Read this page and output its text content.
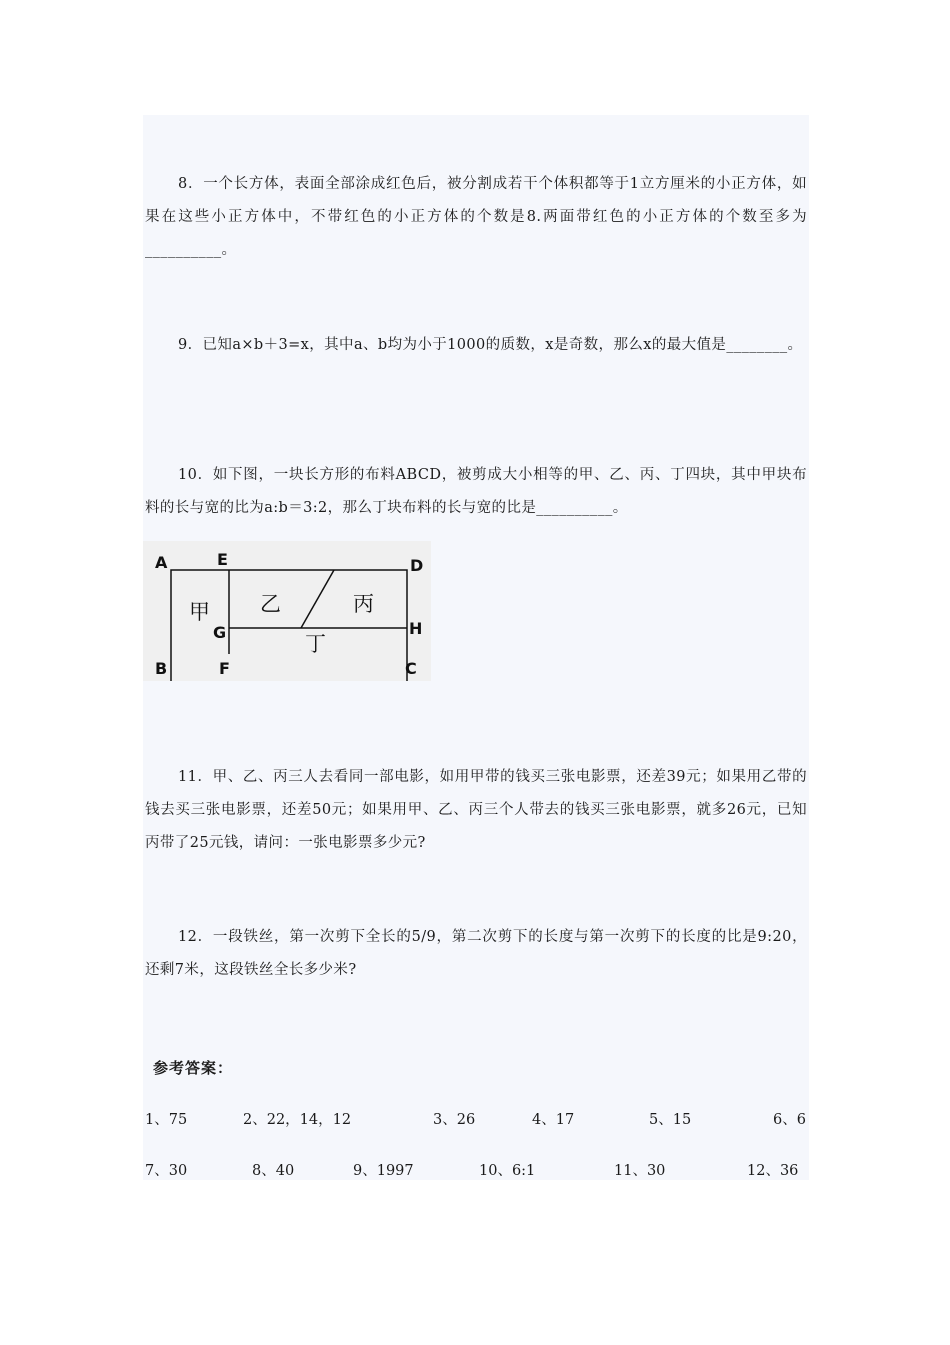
8．一个长方体，表面全部涂成红色后，被分割成若干个体积都等于1立方厘米的小正方体，如果在这些小正方体中，不带红色的小正方体的个数是8.两面带红色的小正方体的个数至多为__________。

9．已知a×b＋3=x，其中a、b均为小于1000的质数，x是奇数，那么x的最大值是________。

10．如下图，一块长方形的布料ABCD，被剪成大小相等的甲、乙、丙、丁四块，其中甲块布料的长与宽的比为a:b＝3:2，那么丁块布料的长与宽的比是__________。

A	E	D
G	H
B	F	C
甲 乙	丙
丁

11．甲、乙、丙三人去看同一部电影，如用甲带的钱买三张电影票，还差39元；如果用乙带的钱去买三张电影票，还差50元；如果用甲、乙、丙三个人带去的钱买三张电影票，就多26元，已知丙带了25元钱，请问：一张电影票多少元?

12．一段铁丝，第一次剪下全长的5/9，第二次剪下的长度与第一次剪下的长度的比是9:20，还剩7米，这段铁丝全长多少米?

参考答案：

1、75	2、22，14，12	3、26	4、17	5、15	6、6
7、30	8、40	9、1997	10、6:1	11、30	12、36
